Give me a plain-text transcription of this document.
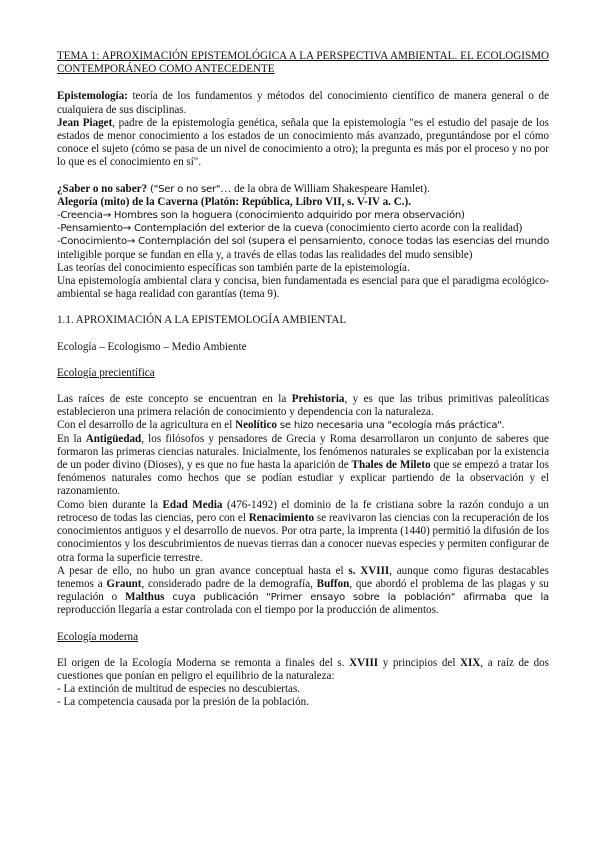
TEMA 1: APROXIMACIÓN EPISTEMOLÓGICA A LA PERSPECTIVA AMBIENTAL. EL ECOLOGISMO CONTEMPORÁNEO COMO ANTECEDENTE

Epistemología: teoría de los fundamentos y métodos del conocimiento científico de manera general o de cualquiera de sus disciplinas.

Jean Piaget, padre de la epistemología genética, señala que la epistemología "es el estudio del pasaje de los estados de menor conocimiento a los estados de un conocimiento más avanzado, preguntándose por el cómo conoce el sujeto (cómo se pasa de un nivel de conocimiento a otro); la pregunta es más por el proceso y no por lo que es el conocimiento en sí".

¿Saber o no saber? ("Ser o no ser"… de la obra de William Shakespeare Hamlet).

Alegoría (mito) de la Caverna (Platón: República, Libro VII, s. V-IV a. C.).

-Creencia→ Hombres son la hoguera (conocimiento adquirido por mera observación)

-Pensamiento→ Contemplación del exterior de la cueva (conocimiento cierto acorde con la realidad)

-Conocimiento→ Contemplación del sol (supera el pensamiento, conoce todas las esencias del mundo inteligible porque se fundan en ella y, a través de ellas todas las realidades del mudo sensible)

Las teorías del conocimiento específicas son también parte de la epistemología.

Una epistemología ambiental clara y concisa, bien fundamentada es esencial para que el paradigma ecológico-ambiental se haga realidad con garantías (tema 9).

1.1. APROXIMACIÓN A LA EPISTEMOLOGÍA AMBIENTAL

Ecología – Ecologismo – Medio Ambiente

Ecología precientífica

Las raíces de este concepto se encuentran en la Prehistoria, y es que las tribus primitivas paleolíticas establecieron una primera relación de conocimiento y dependencia con la naturaleza.

Con el desarrollo de la agricultura en el Neolítico se hizo necesaria una "ecología más práctica".

En la Antigüedad, los filósofos y pensadores de Grecia y Roma desarrollaron un conjunto de saberes que formaron las primeras ciencias naturales. Inicialmente, los fenómenos naturales se explicaban por la existencia de un poder divino (Dioses), y es que no fue hasta la aparición de Thales de Mileto que se empezó a tratar los fenómenos naturales como hechos que se podían estudiar y explicar partiendo de la observación y el razonamiento.

Como bien durante la Edad Media (476-1492) el dominio de la fe cristiana sobre la razón condujo a un retroceso de todas las ciencias, pero con el Renacimiento se reavivaron las ciencias con la recuperación de los conocimientos antiguos y el desarrollo de nuevos. Por otra parte, la imprenta (1440) permitió la difusión de los conocimientos y los descubrimientos de nuevas tierras dan a conocer nuevas especies y permiten configurar de otra forma la superficie terrestre.

A pesar de ello, no hubo un gran avance conceptual hasta el s. XVIII, aunque como figuras destacables tenemos a Graunt, considerado padre de la demografía, Buffon, que abordó el problema de las plagas y su regulación o Malthus cuya publicación "Primer ensayo sobre la población" afirmaba que la reproducción llegaría a estar controlada con el tiempo por la producción de alimentos.

Ecología moderna

El origen de la Ecología Moderna se remonta a finales del s. XVIII y principios del XIX, a raíz de dos cuestiones que ponían en peligro el equilibrio de la naturaleza:

- La extinción de multitud de especies no descubiertas.

- La competencia causada por la presión de la población.
